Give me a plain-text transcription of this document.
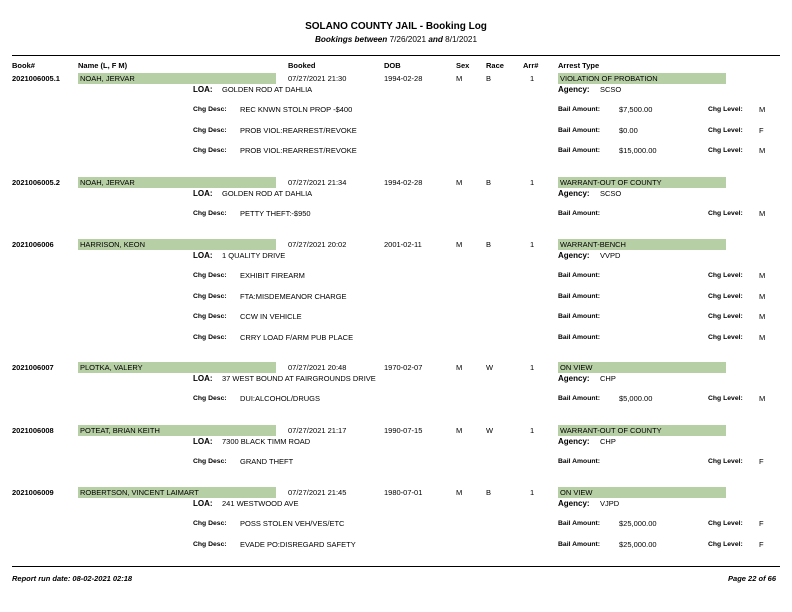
SOLANO COUNTY JAIL - Booking Log
Bookings between 7/26/2021 and 8/1/2021
Book#	Name (L, F M)	Booked	DOB	Sex Race	Arr#	Arrest Type
2021006005.1	NOAH, JERVAR	07/27/2021 21:30	1994-02-28	M	B	1	VIOLATION OF PROBATION
LOA: GOLDEN ROD AT DAHLIA	Agency: SCSO
Chg Desc: REC KNWN STOLN PROP -$400	Bail Amount:	$7,500.00	Chg Level: M
Chg Desc: PROB VIOL:REARREST/REVOKE	Bail Amount:	$0.00	Chg Level: F
Chg Desc: PROB VIOL:REARREST/REVOKE	Bail Amount:	$15,000.00	Chg Level: M
2021006005.2	NOAH, JERVAR	07/27/2021 21:34	1994-02-28	M	B	1	WARRANT-OUT OF COUNTY
LOA: GOLDEN ROD AT DAHLIA	Agency: SCSO
Chg Desc: PETTY THEFT:-$950	Bail Amount:	Chg Level: M
2021006006	HARRISON, KEON	07/27/2021 20:02	2001-02-11	M	B	1	WARRANT-BENCH
LOA: 1 QUALITY DRIVE	Agency: VVPD
Chg Desc: EXHIBIT FIREARM	Bail Amount:	Chg Level: M
Chg Desc: FTA:MISDEMEANOR CHARGE	Bail Amount:	Chg Level: M
Chg Desc: CCW IN VEHICLE	Bail Amount:	Chg Level: M
Chg Desc: CRRY LOAD F/ARM PUB PLACE	Bail Amount:	Chg Level: M
2021006007	PLOTKA, VALERY	07/27/2021 20:48	1970-02-07	M	W	1	ON VIEW
LOA: 37 WEST BOUND AT FAIRGROUNDS DRIVE	Agency: CHP
Chg Desc: DUI:ALCOHOL/DRUGS	Bail Amount:	$5,000.00	Chg Level: M
2021006008	POTEAT, BRIAN KEITH	07/27/2021 21:17	1990-07-15	M	W	1	WARRANT-OUT OF COUNTY
LOA: 7300 BLACK TIMM ROAD	Agency: CHP
Chg Desc: GRAND THEFT	Bail Amount:	Chg Level: F
2021006009	ROBERTSON, VINCENT LAIMART	07/27/2021 21:45	1980-07-01	M	B	1	ON VIEW
LOA: 241 WESTWOOD AVE	Agency: VJPD
Chg Desc: POSS STOLEN VEH/VES/ETC	Bail Amount:	$25,000.00	Chg Level: F
Chg Desc: EVADE PO:DISREGARD SAFETY	Bail Amount:	$25,000.00	Chg Level: F
Report run date: 08-02-2021 02:18	Page 22 of 66
